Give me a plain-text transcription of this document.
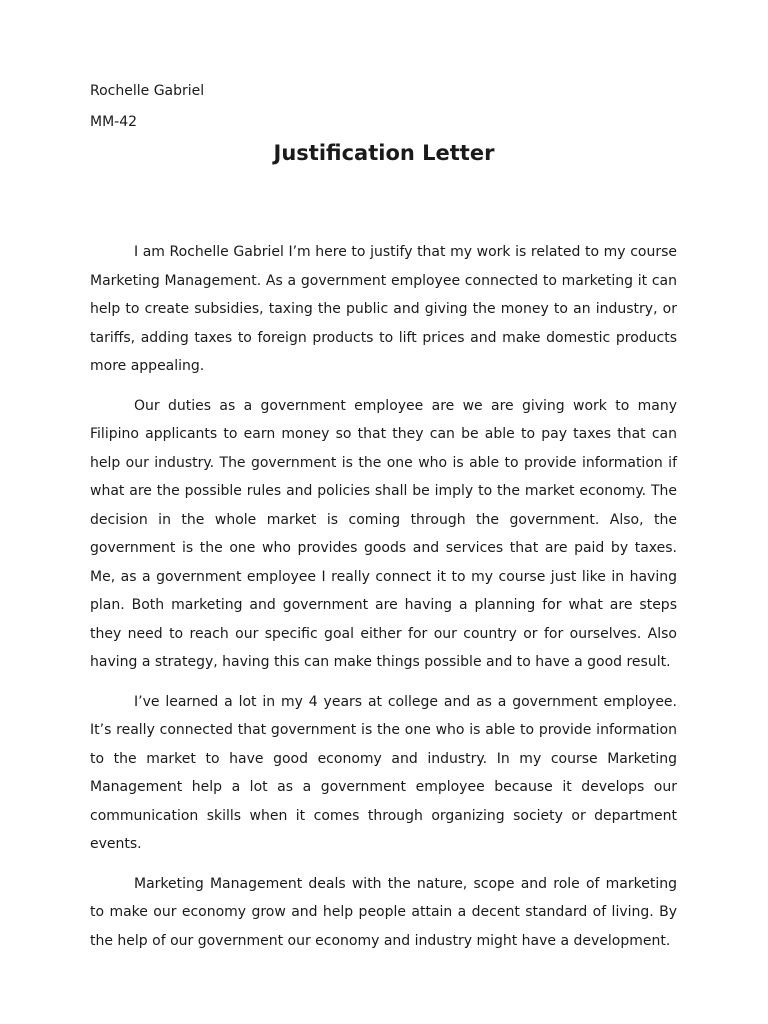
Rochelle Gabriel
MM-42
Justification Letter

I am Rochelle Gabriel I’m here to justify that my work is related to my course Marketing Management. As a government employee connected to marketing it can help to create subsidies, taxing the public and giving the money to an industry, or tariffs, adding taxes to foreign products to lift prices and make domestic products more appealing.

Our duties as a government employee are we are giving work to many Filipino applicants to earn money so that they can be able to pay taxes that can help our industry. The government is the one who is able to provide information if what are the possible rules and policies shall be imply to the market economy. The decision in the whole market is coming through the government. Also, the government is the one who provides goods and services that are paid by taxes. Me, as a government employee I really connect it to my course just like in having plan. Both marketing and government are having a planning for what are steps they need to reach our specific goal either for our country or for ourselves. Also having a strategy, having this can make things possible and to have a good result.

I’ve learned a lot in my 4 years at college and as a government employee. It’s really connected that government is the one who is able to provide information to the market to have good economy and industry. In my course Marketing Management help a lot as a government employee because it develops our communication skills when it comes through organizing society or department events.

Marketing Management deals with the nature, scope and role of marketing to make our economy grow and help people attain a decent standard of living. By the help of our government our economy and industry might have a development.
